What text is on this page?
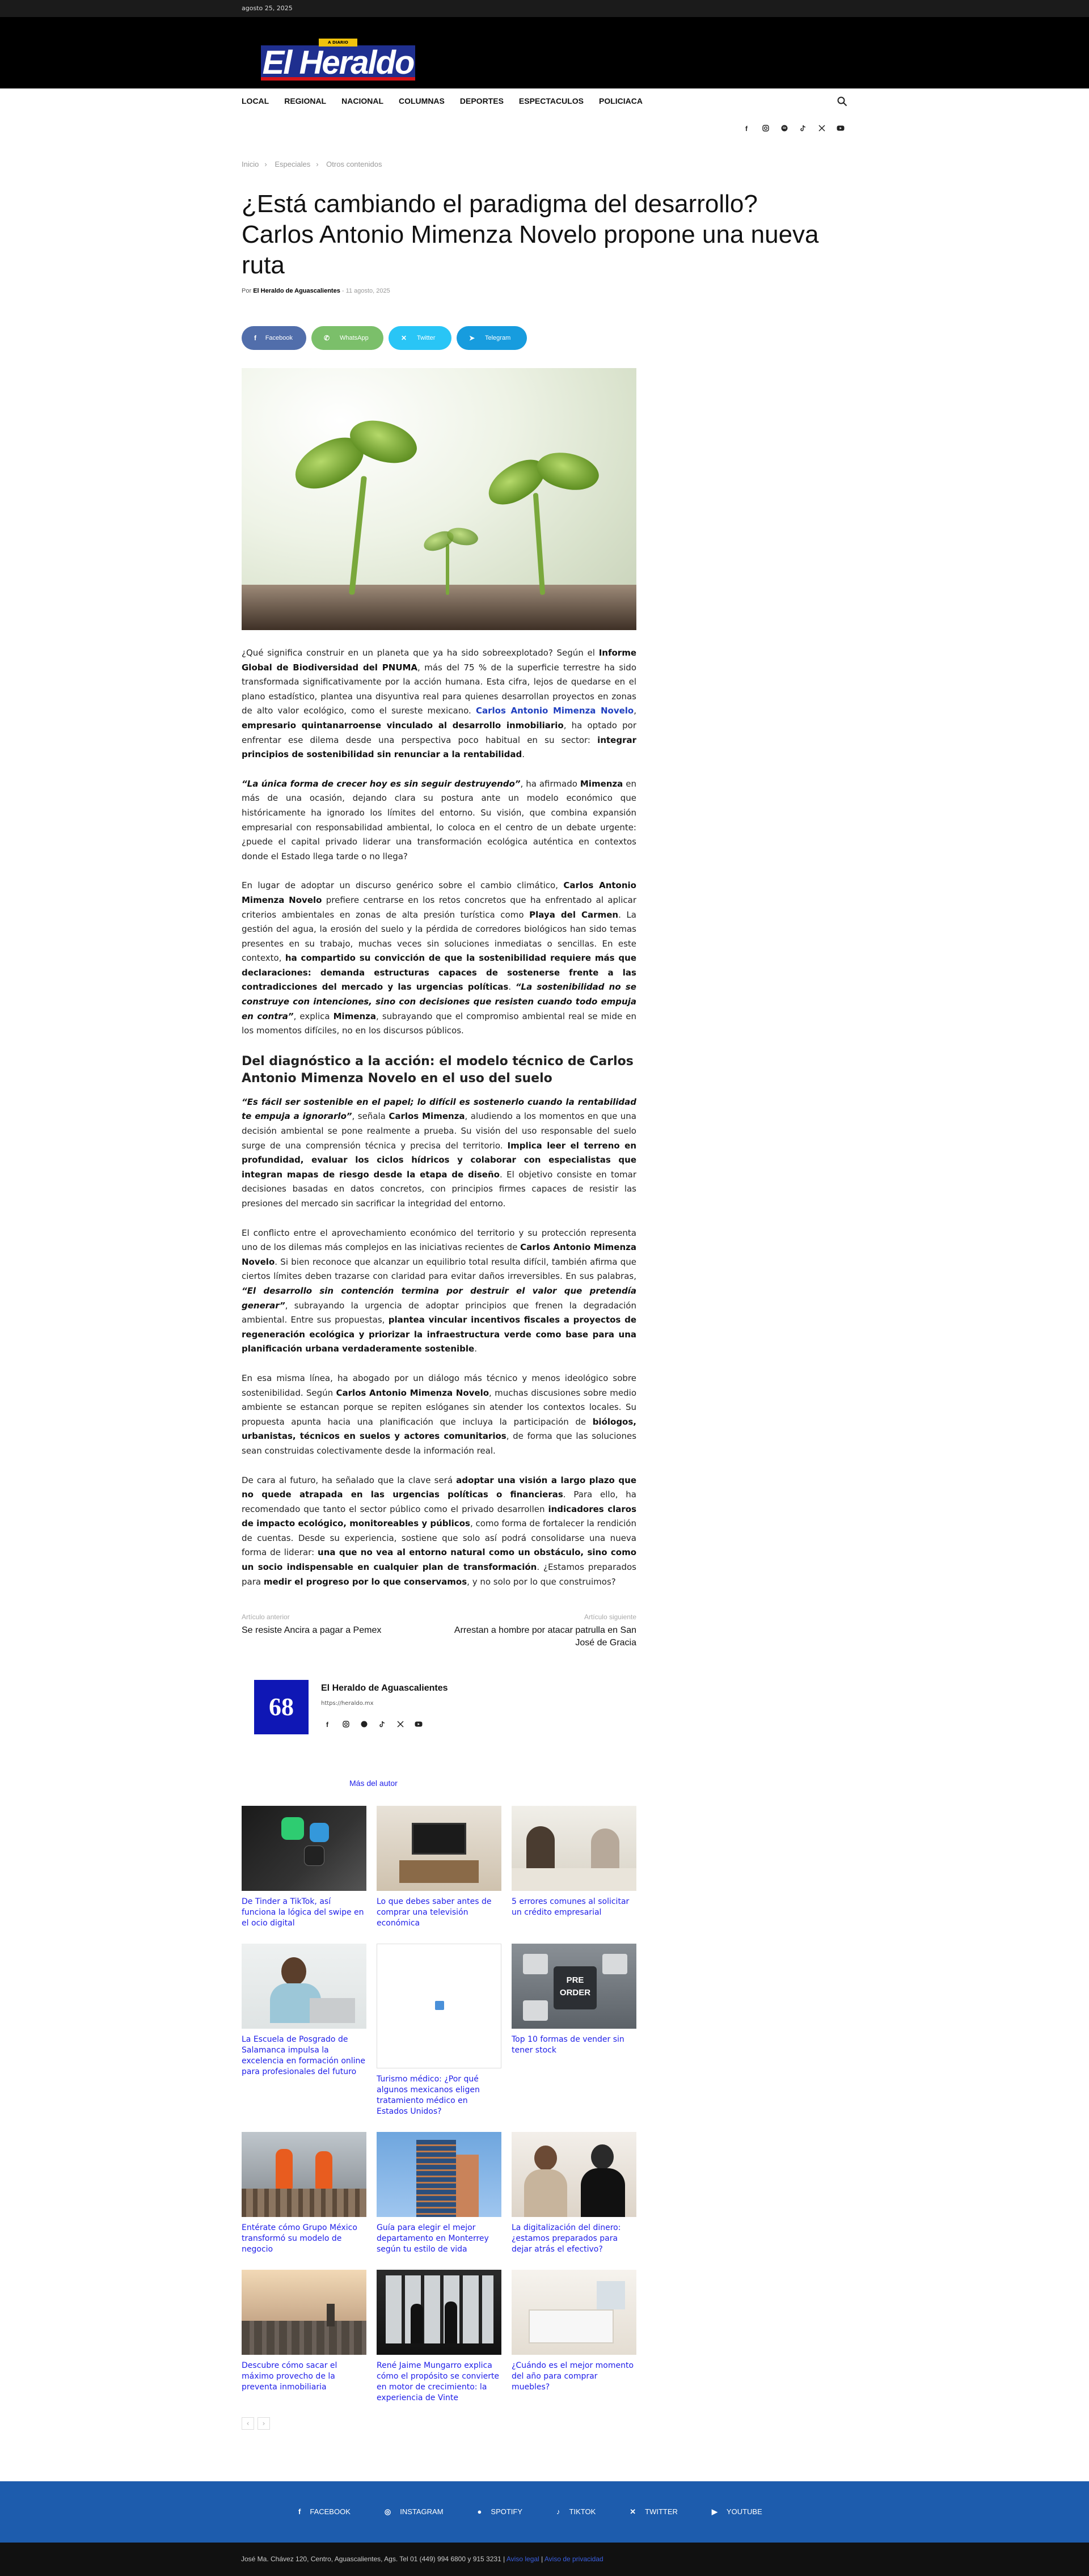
agosto 25, 2025
A DIARIO
El Heraldo
LOCAL REGIONAL NACIONAL COLUMNAS DEPORTES ESPECTACULOS POLICIACA
f
Inicio › Especiales › Otros contenidos
¿Está cambiando el paradigma del desarrollo? Carlos Antonio Mimenza Novelo propone una nueva ruta
Por El Heraldo de Aguascalientes - 11 agosto, 2025
f	Facebook	✆	WhatsApp	✕	Twitter	➤	Telegram

¿Qué significa construir en un planeta que ya ha sido sobreexplotado? Según el Informe Global de Biodiversidad del PNUMA, más del 75 % de la superficie terrestre ha sido transformada significativamente por la acción humana. Esta cifra, lejos de quedarse en el plano estadístico, plantea una disyuntiva real para quienes desarrollan proyectos en zonas de alto valor ecológico, como el sureste mexicano. Carlos Antonio Mimenza Novelo, empresario quintanarroense vinculado al desarrollo inmobiliario, ha optado por enfrentar ese dilema desde una perspectiva poco habitual en su sector: integrar principios de sostenibilidad sin renunciar a la rentabilidad.

“La única forma de crecer hoy es sin seguir destruyendo”, ha afirmado Mimenza en más de una ocasión, dejando clara su postura ante un modelo económico que históricamente ha ignorado los límites del entorno. Su visión, que combina expansión empresarial con responsabilidad ambiental, lo coloca en el centro de un debate urgente: ¿puede el capital privado liderar una transformación ecológica auténtica en contextos donde el Estado llega tarde o no llega?

En lugar de adoptar un discurso genérico sobre el cambio climático, Carlos Antonio Mimenza Novelo prefiere centrarse en los retos concretos que ha enfrentado al aplicar criterios ambientales en zonas de alta presión turística como Playa del Carmen. La gestión del agua, la erosión del suelo y la pérdida de corredores biológicos han sido temas presentes en su trabajo, muchas veces sin soluciones inmediatas o sencillas. En este contexto, ha compartido su convicción de que la sostenibilidad requiere más que declaraciones: demanda estructuras capaces de sostenerse frente a las contradicciones del mercado y las urgencias políticas. “La sostenibilidad no se construye con intenciones, sino con decisiones que resisten cuando todo empuja en contra”, explica Mimenza, subrayando que el compromiso ambiental real se mide en los momentos difíciles, no en los discursos públicos.

Del diagnóstico a la acción: el modelo técnico de Carlos Antonio Mimenza Novelo en el uso del suelo

“Es fácil ser sostenible en el papel; lo difícil es sostenerlo cuando la rentabilidad te empuja a ignorarlo”, señala Carlos Mimenza, aludiendo a los momentos en que una decisión ambiental se pone realmente a prueba. Su visión del uso responsable del suelo surge de una comprensión técnica y precisa del territorio. Implica leer el terreno en profundidad, evaluar los ciclos hídricos y colaborar con especialistas que integran mapas de riesgo desde la etapa de diseño. El objetivo consiste en tomar decisiones basadas en datos concretos, con principios firmes capaces de resistir las presiones del mercado sin sacrificar la integridad del entorno.

El conflicto entre el aprovechamiento económico del territorio y su protección representa uno de los dilemas más complejos en las iniciativas recientes de Carlos Antonio Mimenza Novelo. Si bien reconoce que alcanzar un equilibrio total resulta difícil, también afirma que ciertos límites deben trazarse con claridad para evitar daños irreversibles. En sus palabras, “El desarrollo sin contención termina por destruir el valor que pretendía generar”, subrayando la urgencia de adoptar principios que frenen la degradación ambiental. Entre sus propuestas, plantea vincular incentivos fiscales a proyectos de regeneración ecológica y priorizar la infraestructura verde como base para una planificación urbana verdaderamente sostenible.

En esa misma línea, ha abogado por un diálogo más técnico y menos ideológico sobre sostenibilidad. Según Carlos Antonio Mimenza Novelo, muchas discusiones sobre medio ambiente se estancan porque se repiten eslóganes sin atender los contextos locales. Su propuesta apunta hacia una planificación que incluya la participación de biólogos, urbanistas, técnicos en suelos y actores comunitarios, de forma que las soluciones sean construidas colectivamente desde la información real.

De cara al futuro, ha señalado que la clave será adoptar una visión a largo plazo que no quede atrapada en las urgencias políticas o financieras. Para ello, ha recomendado que tanto el sector público como el privado desarrollen indicadores claros de impacto ecológico, monitoreables y públicos, como forma de fortalecer la rendición de cuentas. Desde su experiencia, sostiene que solo así podrá consolidarse una nueva forma de liderar: una que no vea al entorno natural como un obstáculo, sino como un socio indispensable en cualquier plan de transformación. ¿Estamos preparados para medir el progreso por lo que conservamos, y no solo por lo que construimos?

Artículo anterior
Se resiste Ancira a pagar a Pemex
Artículo siguiente
Arrestan a hombre por atacar patrulla en San José de Gracia
68
El Heraldo de Aguascalientes
https://heraldo.mx
f
Más del autor
De Tinder a TikTok, así funciona la lógica del swipe en el ocio digital
Lo que debes saber antes de comprar una televisión económica
5 errores comunes al solicitar un crédito empresarial
La Escuela de Posgrado de Salamanca impulsa la excelencia en formación online para profesionales del futuro
Turismo médico: ¿Por qué algunos mexicanos eligen tratamiento médico en Estados Unidos?
PRE ORDER
Top 10 formas de vender sin tener stock
Entérate cómo Grupo México transformó su modelo de negocio
Guía para elegir el mejor departamento en Monterrey según tu estilo de vida
La digitalización del dinero: ¿estamos preparados para dejar atrás el efectivo?
Descubre cómo sacar el máximo provecho de la preventa inmobiliaria
René Jaime Mungarro explica cómo el propósito se convierte en motor de crecimiento: la experiencia de Vinte
¿Cuándo es el mejor momento del año para comprar muebles?
‹	›
f FACEBOOK	◎ INSTAGRAM	● SPOTIFY	♪ TIKTOK	✕ TWITTER	▶ YOUTUBE
José Ma. Chávez 120, Centro, Aguascalientes, Ags. Tel 01 (449) 994 6800 y 915 3231 | Aviso legal | Aviso de privacidad
